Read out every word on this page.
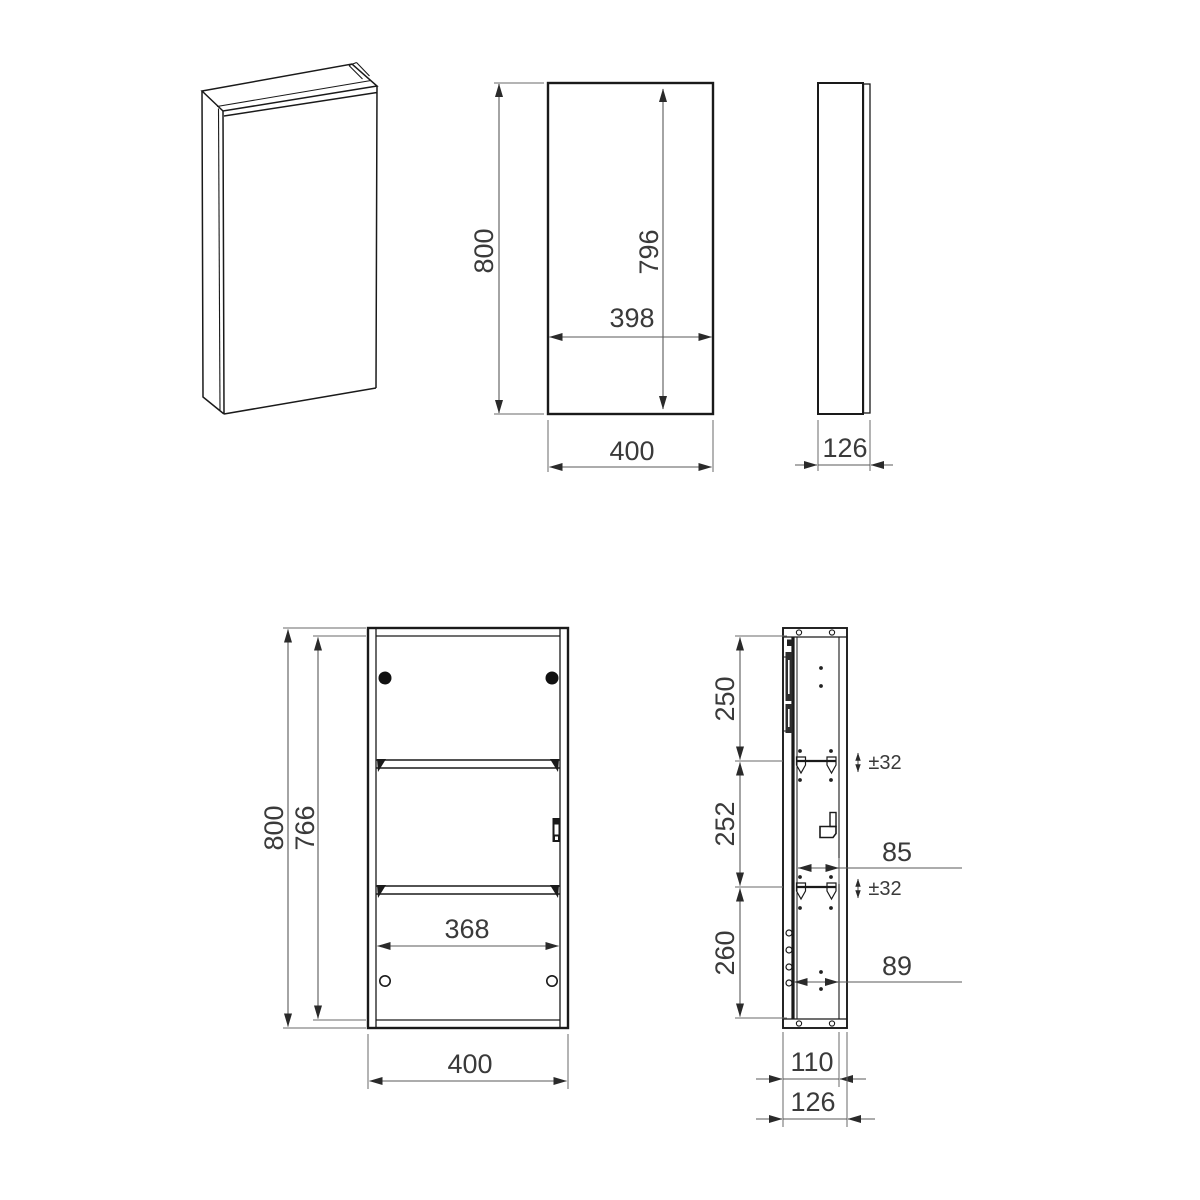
800	796
398
400	126
800 766
368
400
250
252
260
±32
±32
85
89
110
126
